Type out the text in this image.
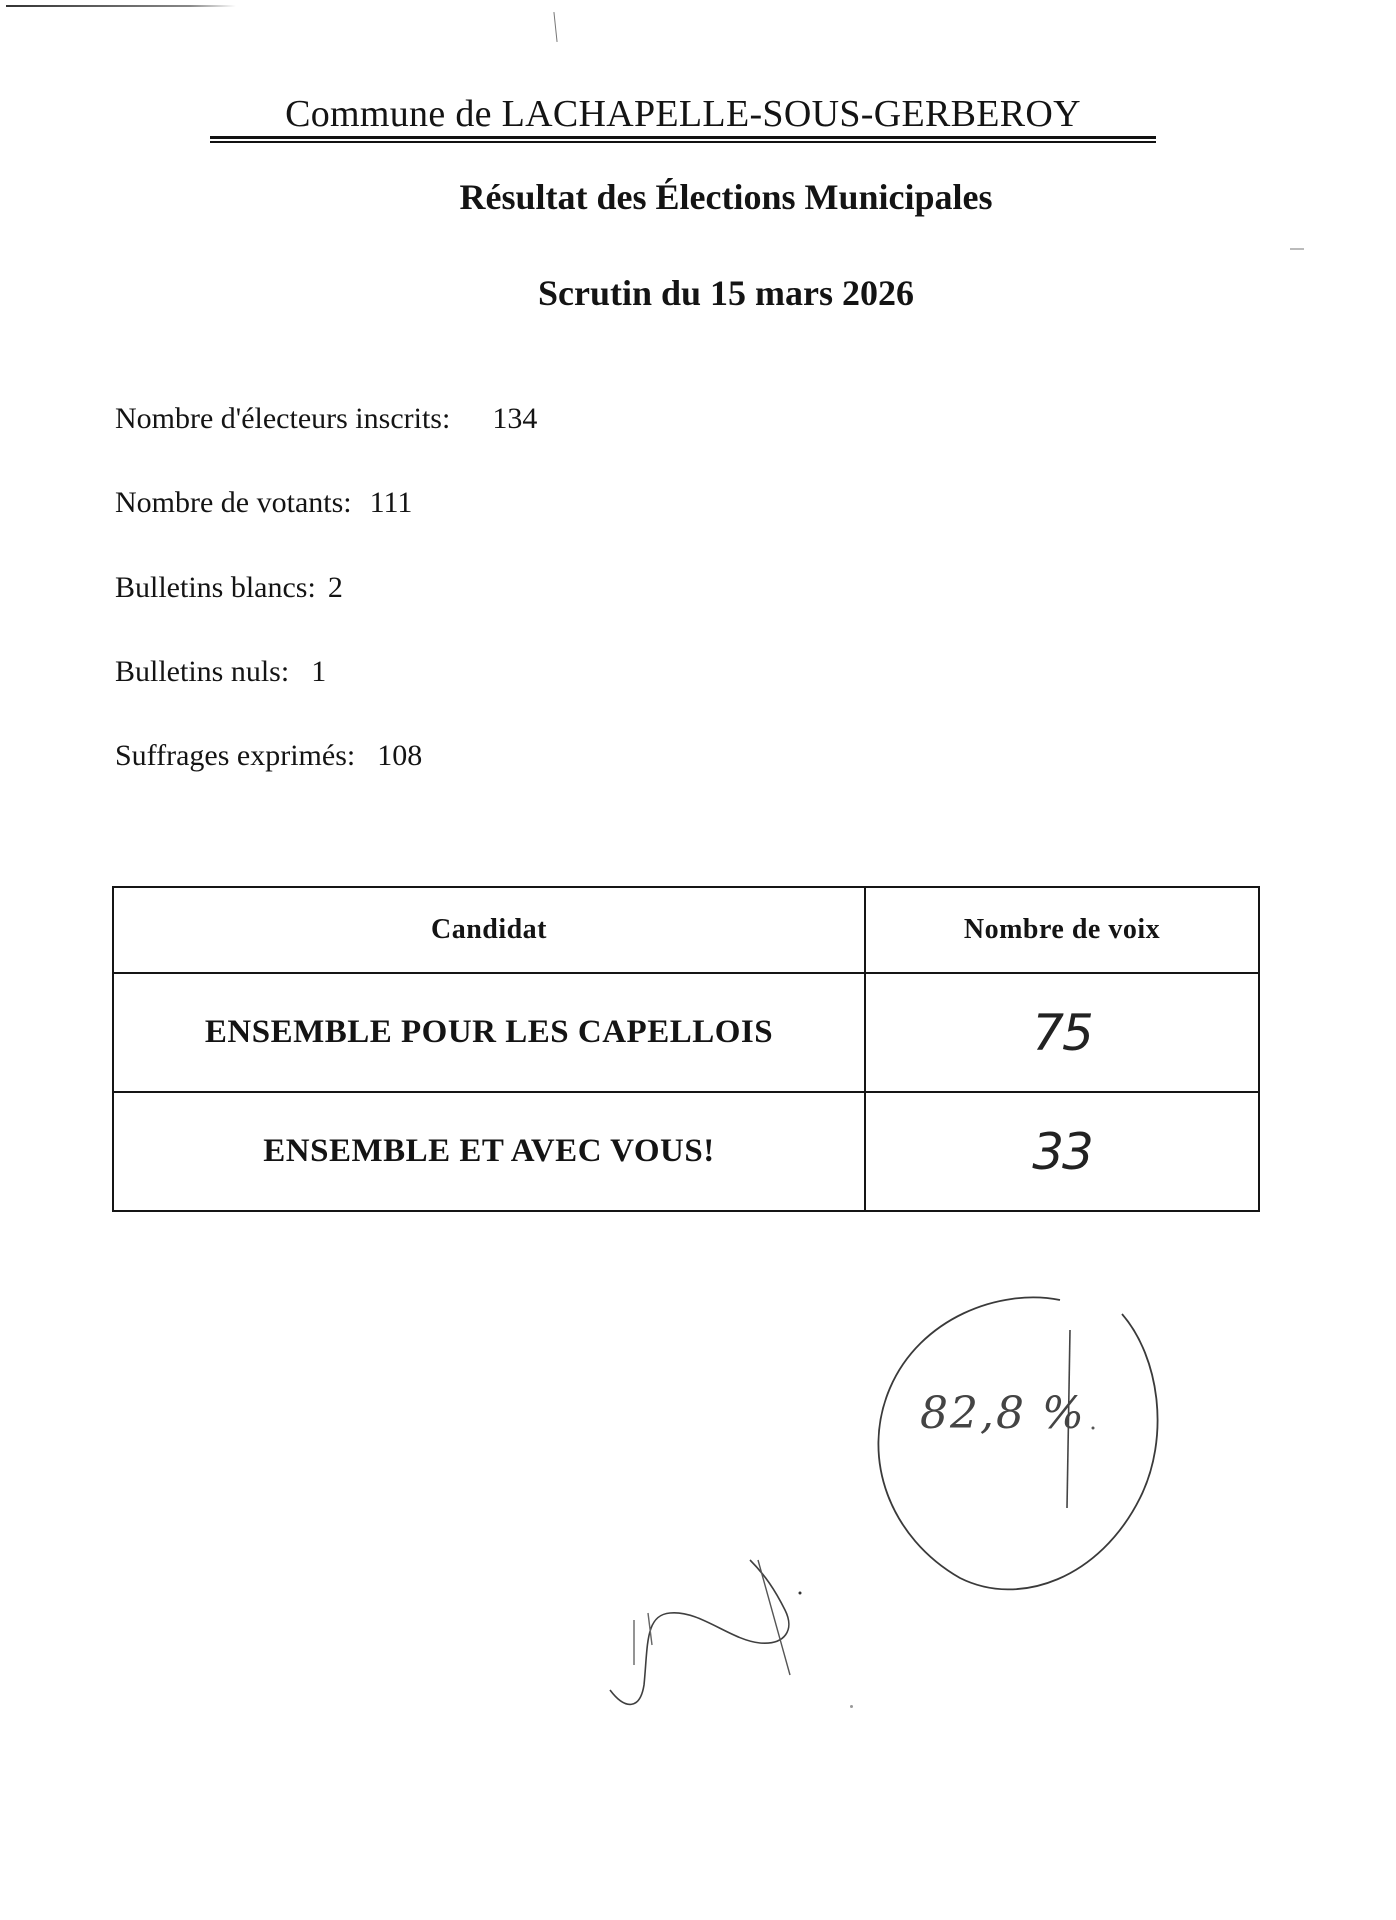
Commune de LACHAPELLE-SOUS-GERBEROY
Résultat des Élections Municipales
Scrutin du 15 mars 2026
Nombre d'électeurs inscrits: 134
Nombre de votants: 111
Bulletins blancs: 2
Bulletins nuls: 1
Suffrages exprimés: 108
Candidat	Nombre de voix
ENSEMBLE POUR LES CAPELLOIS	75
ENSEMBLE ET AVEC VOUS!	33
82,8 %
